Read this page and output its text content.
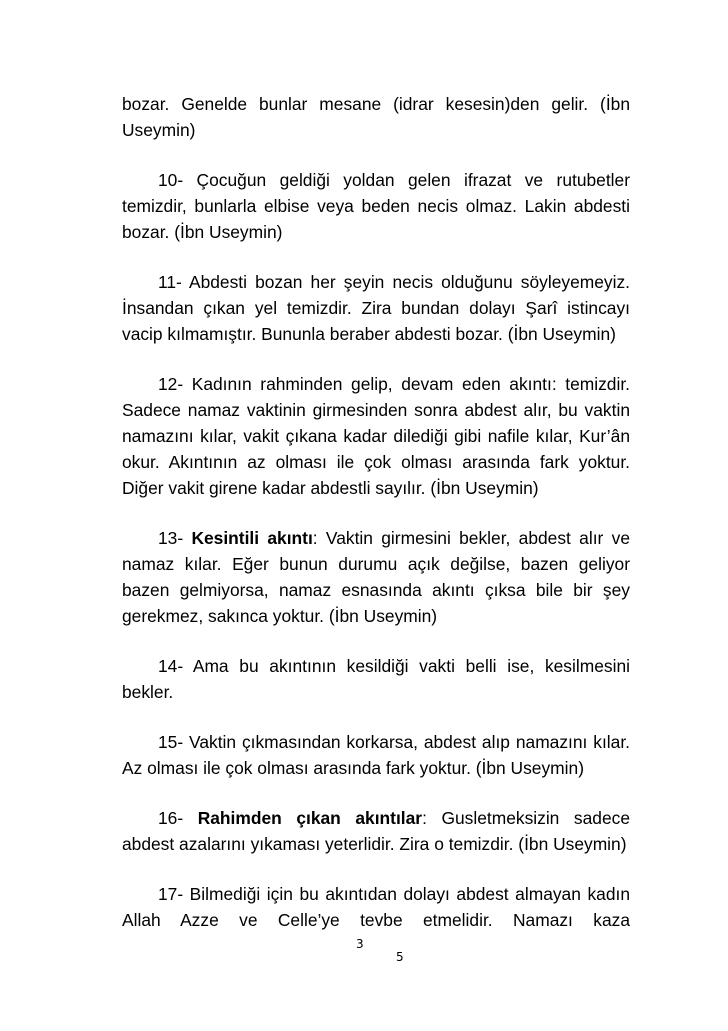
bozar. Genelde bunlar mesane (idrar kesesin)den gelir. (İbn Useymin)

10- Çocuğun geldiği yoldan gelen ifrazat ve rutubetler temizdir, bunlarla elbise veya beden necis olmaz. Lakin abdesti bozar. (İbn Useymin)

11- Abdesti bozan her şeyin necis olduğunu söyleyemeyiz. İnsandan çıkan yel temizdir. Zira bundan dolayı Şarî istincayı vacip kılmamıştır. Bununla beraber abdesti bozar. (İbn Useymin)

12- Kadının rahminden gelip, devam eden akıntı: temizdir. Sadece namaz vaktinin girmesinden sonra abdest alır, bu vaktin namazını kılar, vakit çıkana kadar dilediği gibi nafile kılar, Kur’ân okur. Akıntının az olması ile çok olması arasında fark yoktur. Diğer vakit girene kadar abdestli sayılır. (İbn Useymin)

13- Kesintili akıntı: Vaktin girmesini bekler, abdest alır ve namaz kılar. Eğer bunun durumu açık değilse, bazen geliyor bazen gelmiyorsa, namaz esnasında akıntı çıksa bile bir şey gerekmez, sakınca yoktur. (İbn Useymin)

14- Ama bu akıntının kesildiği vakti belli ise, kesilmesini bekler.

15- Vaktin çıkmasından korkarsa, abdest alıp namazını kılar. Az olması ile çok olması arasında fark yoktur. (İbn Useymin)

16- Rahimden çıkan akıntılar: Gusletmeksizin sadece abdest azalarını yıkaması yeterlidir. Zira o temizdir. (İbn Useymin)

17- Bilmediği için bu akıntıdan dolayı abdest almayan kadın Allah Azze ve Celle’ye tevbe etmelidir. Namazı kaza

3
5
